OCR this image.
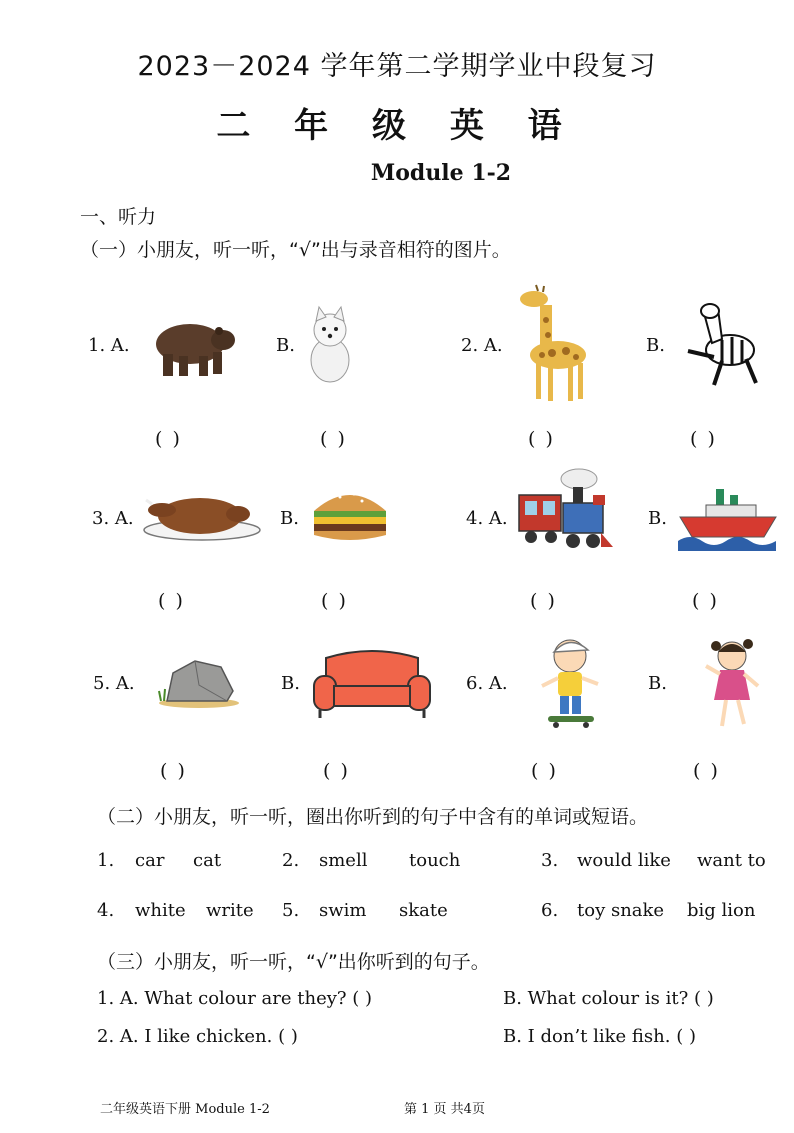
2023－2024 学年第二学期学业中段复习
二 年 级 英 语
Module 1-2
一、听力
（一）小朋友，听一听，“√”出与录音相符的图片。
1. A.	B.	2. A.	B.
( )	( )	( )	( )
3. A.	B.	4. A.	B.
( )	( )	( )	( )
5. A.	B.	6. A.	B.
( )	( )	( )	( )
（二）小朋友，听一听，圈出你听到的句子中含有的单词或短语。
1. car cat	2. smell touch	3. would like want to
4. white write 5. swim skate	6. toy snake big lion
（三）小朋友，听一听，“√”出你听到的句子。
1. A. What colour are they? ( )	B. What colour is it? ( )
2. A. I like chicken. ( )	B. I don’t like fish. ( )
二年级英语下册 Module 1-2	第 1 页 共4页
